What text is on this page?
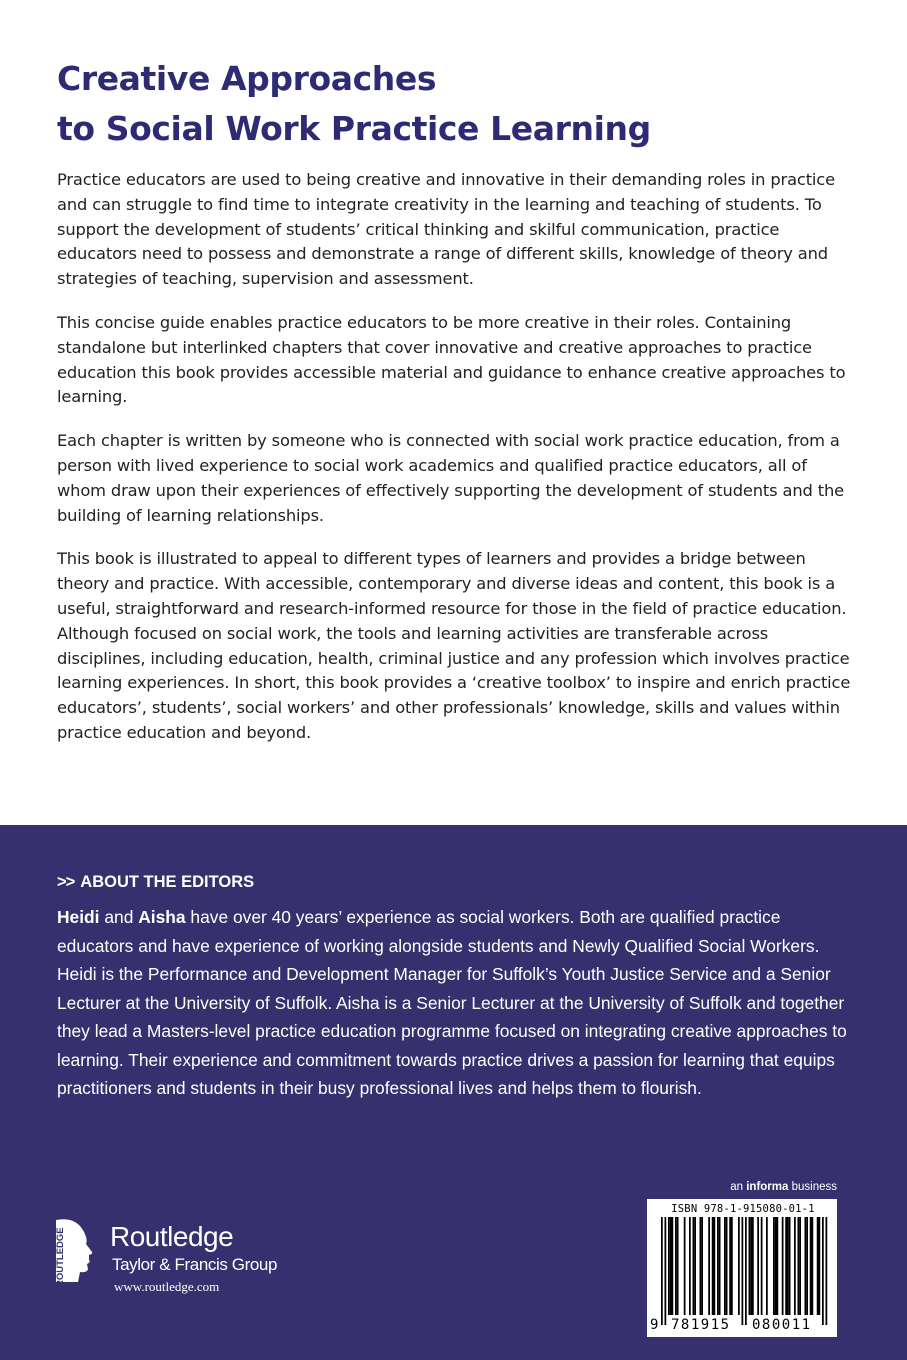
Creative Approaches
to Social Work Practice Learning

Practice educators are used to being creative and innovative in their demanding roles in practice and can struggle to find time to integrate creativity in the learning and teaching of students. To support the development of students’ critical thinking and skilful communication, practice educators need to possess and demonstrate a range of different skills, knowledge of theory and strategies of teaching, supervision and assessment.

This concise guide enables practice educators to be more creative in their roles. Containing standalone but interlinked chapters that cover innovative and creative approaches to practice education this book provides accessible material and guidance to enhance creative approaches to learning.

Each chapter is written by someone who is connected with social work practice education, from a person with lived experience to social work academics and qualified practice educators, all of whom draw upon their experiences of effectively supporting the development of students and the building of learning relationships.

This book is illustrated to appeal to different types of learners and provides a bridge between theory and practice. With accessible, contemporary and diverse ideas and content, this book is a useful, straightforward and research-informed resource for those in the field of practice education. Although focused on social work, the tools and learning activities are transferable across disciplines, including education, health, criminal justice and any profession which involves practice learning experiences. In short, this book provides a ‘creative toolbox’ to inspire and enrich practice educators’, students’, social workers’ and other professionals’ knowledge, skills and values within practice education and beyond.

>> ABOUT THE EDITORS

Heidi and Aisha have over 40 years’ experience as social workers. Both are qualified practice educators and have experience of working alongside students and Newly Qualified Social Workers. Heidi is the Performance and Development Manager for Suffolk’s Youth Justice Service and a Senior Lecturer at the University of Suffolk. Aisha is a Senior Lecturer at the University of Suffolk and together they lead a Masters-level practice education programme focused on integrating creative approaches to learning. Their experience and commitment towards practice drives a passion for learning that equips practitioners and students in their busy professional lives and helps them to flourish.

ROUTLEDGE Routledge
Taylor & Francis Group
www.routledge.com
an informa business
ISBN 978-1-915080-01-1
9 781915 080011
